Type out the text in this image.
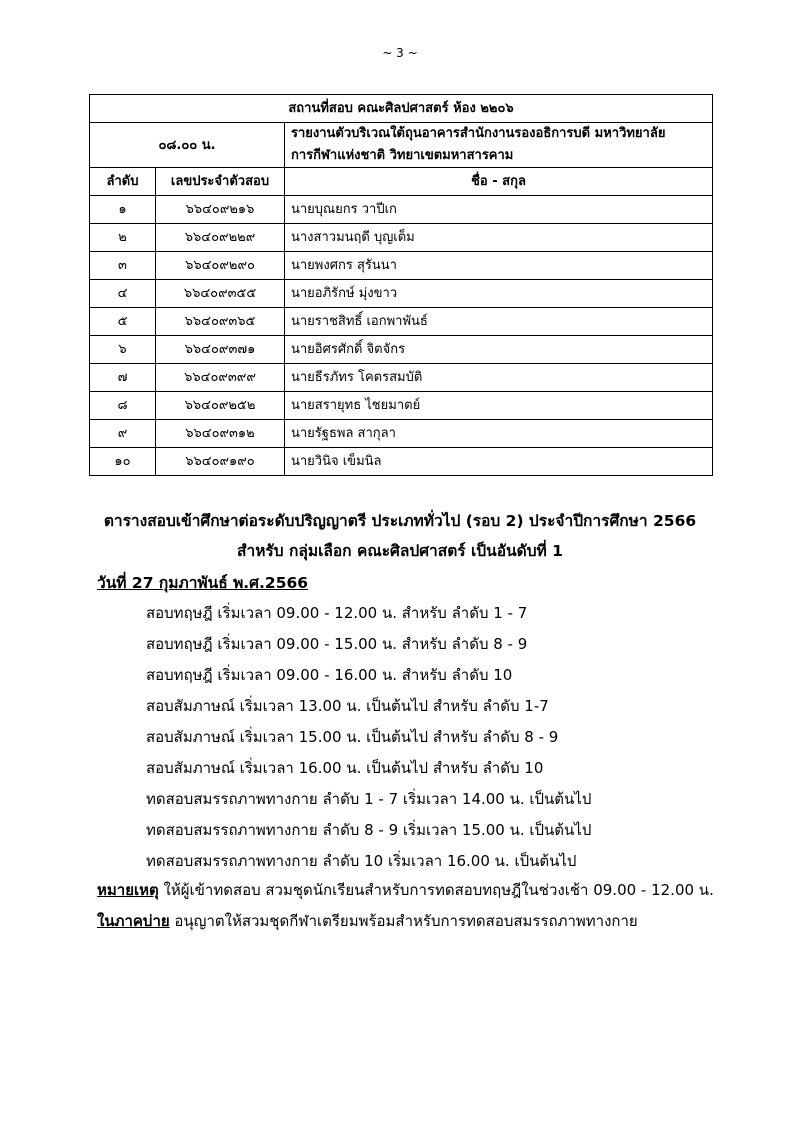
~ 3 ~
สถานที่สอบ คณะศิลปศาสตร์ ห้อง ๒๒๐๖		
๐๘.๐๐ น.		รายงานตัวบริเวณใต้ถุนอาคารสำนักงานรองอธิการบดี มหาวิทยาลัย
การกีฬาแห่งชาติ วิทยาเขตมหาสารคาม
ลำดับ	เลขประจำตัวสอบ	ชื่อ - สกุล
๑	๖๖๔๐๙๒๑๖	นายบุณยกร วาปีเก
๒	๖๖๔๐๙๒๒๙	นางสาวมนฤดี บุญเต็ม
๓	๖๖๔๐๙๒๙๐	นายพงศกร สุรันนา
๔	๖๖๔๐๙๓๕๕	นายอภิรักษ์ มุ่งขาว
๕	๖๖๔๐๙๓๖๕	นายราชสิทธิ์ เอกพาพันธ์
๖	๖๖๔๐๙๓๗๑	นายอิศรศักดิ์ จิตจักร
๗	๖๖๔๐๙๓๙๙	นายธีรภัทร โคตรสมบัติ
๘	๖๖๔๐๙๒๕๒	นายสรายุทธ ไชยมาตย์
๙	๖๖๔๐๙๓๑๒	นายรัฐธพล สากุลา
๑๐	๖๖๔๐๙๑๙๐	นายวินิจ เข็มนิล
ตารางสอบเข้าศึกษาต่อระดับปริญญาตรี ประเภททั่วไป (รอบ 2) ประจำปีการศึกษา 2566
สำหรับ กลุ่มเลือก คณะศิลปศาสตร์ เป็นอันดับที่ 1
วันที่ 27 กุมภาพันธ์ พ.ศ.2566
สอบทฤษฎี เริ่มเวลา 09.00 - 12.00 น. สำหรับ ลำดับ 1 - 7
สอบทฤษฎี เริ่มเวลา 09.00 - 15.00 น. สำหรับ ลำดับ 8 - 9
สอบทฤษฎี เริ่มเวลา 09.00 - 16.00 น. สำหรับ ลำดับ 10
สอบสัมภาษณ์ เริ่มเวลา 13.00 น. เป็นต้นไป สำหรับ ลำดับ 1-7
สอบสัมภาษณ์ เริ่มเวลา 15.00 น. เป็นต้นไป สำหรับ ลำดับ 8 - 9
สอบสัมภาษณ์ เริ่มเวลา 16.00 น. เป็นต้นไป สำหรับ ลำดับ 10
ทดสอบสมรรถภาพทางกาย ลำดับ 1 - 7 เริ่มเวลา 14.00 น. เป็นต้นไป
ทดสอบสมรรถภาพทางกาย ลำดับ 8 - 9 เริ่มเวลา 15.00 น. เป็นต้นไป
ทดสอบสมรรถภาพทางกาย ลำดับ 10 เริ่มเวลา 16.00 น. เป็นต้นไป
หมายเหตุ ให้ผู้เข้าทดสอบ สวมชุดนักเรียนสำหรับการทดสอบทฤษฎีในช่วงเช้า 09.00 - 12.00 น.
ในภาคบ่าย อนุญาตให้สวมชุดกีฬาเตรียมพร้อมสำหรับการทดสอบสมรรถภาพทางกาย
